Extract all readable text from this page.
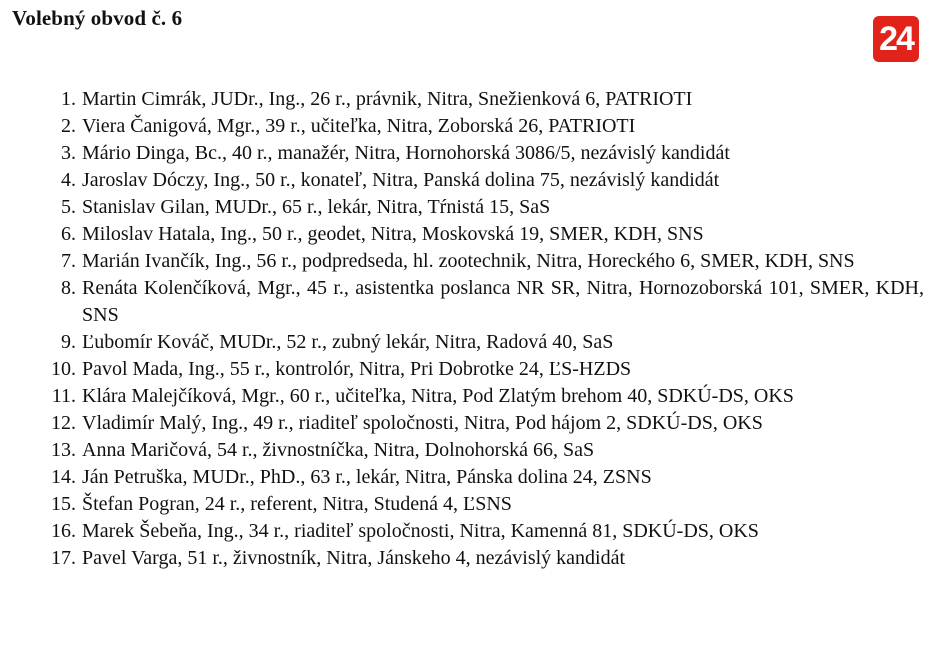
Volebný obvod č. 6
24
1. Martin Cimrák, JUDr., Ing., 26 r., právnik, Nitra, Snežienková 6, PATRIOTI
2. Viera Čanigová, Mgr., 39 r., učiteľka, Nitra, Zoborská 26, PATRIOTI
3. Mário Dinga, Bc., 40 r., manažér, Nitra, Hornohorská 3086/5, nezávislý kandidát
4. Jaroslav Dóczy, Ing., 50 r., konateľ, Nitra, Panská dolina 75, nezávislý kandidát
5. Stanislav Gilan, MUDr., 65 r., lekár, Nitra, Tŕnistá 15, SaS
6. Miloslav Hatala, Ing., 50 r., geodet, Nitra, Moskovská 19, SMER, KDH, SNS
7. Marián Ivančík, Ing., 56 r., podpredseda, hl. zootechnik, Nitra, Horeckého 6, SMER, KDH, SNS
8. Renáta Kolenčíková, Mgr., 45 r., asistentka poslanca NR SR, Nitra, Hornozoborská 101, SMER, KDH, SNS
9. Ľubomír Kováč, MUDr., 52 r., zubný lekár, Nitra, Radová 40, SaS
10. Pavol Mada, Ing., 55 r., kontrolór, Nitra, Pri Dobrotke 24, ĽS-HZDS
11. Klára Malejčíková, Mgr., 60 r., učiteľka, Nitra, Pod Zlatým brehom 40, SDKÚ-DS, OKS
12. Vladimír Malý, Ing., 49 r., riaditeľ spoločnosti, Nitra, Pod hájom 2, SDKÚ-DS, OKS
13. Anna Maričová, 54 r., živnostníčka, Nitra, Dolnohorská 66, SaS
14. Ján Petruška, MUDr., PhD., 63 r., lekár, Nitra, Pánska dolina 24, ZSNS
15. Štefan Pogran, 24 r., referent, Nitra, Studená 4, ĽSNS
16. Marek Šebeňa, Ing., 34 r., riaditeľ spoločnosti, Nitra, Kamenná 81, SDKÚ-DS, OKS
17. Pavel Varga, 51 r., živnostník, Nitra, Jánskeho 4, nezávislý kandidát
